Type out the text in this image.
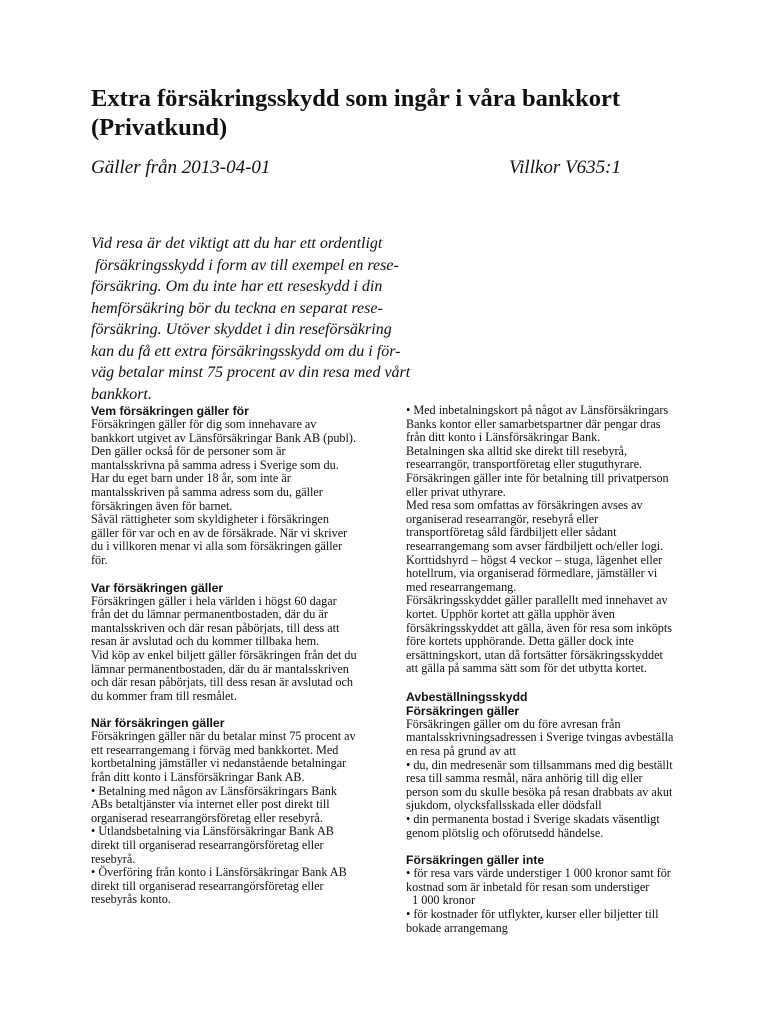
Extra försäkringsskydd som ingår i våra bankkort
(Privatkund)
Gäller från 2013-04-01	Villkor V635:1

Vid resa är det viktigt att du har ett ordentligt
försäkringsskydd i form av till exempel en rese-
försäkring. Om du inte har ett reseskydd i din
hemförsäkring bör du teckna en separat rese-
försäkring. Utöver skyddet i din reseförsäkring
kan du få ett extra försäkringsskydd om du i för-
väg betalar minst 75 procent av din resa med vårt
bankkort.

Vem försäkringen gäller för
Försäkringen gäller för dig som innehavare av
bankkort utgivet av Länsförsäkringar Bank AB (publ).
Den gäller också för de personer som är
mantalsskrivna på samma adress i Sverige som du.
Har du eget barn under 18 år, som inte är
mantalsskriven på samma adress som du, gäller
försäkringen även för barnet.
Såväl rättigheter som skyldigheter i försäkringen
gäller för var och en av de försäkrade. När vi skriver
du i villkoren menar vi alla som försäkringen gäller
för.
Var försäkringen gäller
Försäkringen gäller i hela världen i högst 60 dagar
från det du lämnar permanentbostaden, där du är
mantalsskriven och där resan påbörjats, till dess att
resan är avslutad och du kommer tillbaka hem.
Vid köp av enkel biljett gäller försäkringen från det du
lämnar permanentbostaden, där du är mantalsskriven
och där resan påbörjats, till dess resan är avslutad och
du kommer fram till resmålet.
När försäkringen gäller
Försäkringen gäller när du betalar minst 75 procent av
ett researrangemang i förväg med bankkortet. Med
kortbetalning jämställer vi nedanstående betalningar
från ditt konto i Länsförsäkringar Bank AB.
• Betalning med någon av Länsförsäkringars Bank
ABs betaltjänster via internet eller post direkt till
organiserad researrangörsföretag eller resebyrå.
• Utlandsbetalning via Länsförsäkringar Bank AB
direkt till organiserad researrangörsföretag eller
resebyrå.
• Överföring från konto i Länsförsäkringar Bank AB
direkt till organiserad researrangörsföretag eller
resebyrås konto.
• Med inbetalningskort på något av Länsförsäkringars
Banks kontor eller samarbetspartner där pengar dras
från ditt konto i Länsförsäkringar Bank.
Betalningen ska alltid ske direkt till resebyrå,
researrangör, transportföretag eller stuguthyrare.
Försäkringen gäller inte för betalning till privatperson
eller privat uthyrare.
Med resa som omfattas av försäkringen avses av
organiserad researrangör, resebyrå eller
transportföretag såld färdbiljett eller sådant
researrangemang som avser färdbiljett och/eller logi.
Korttidshyrd – högst 4 veckor – stuga, lägenhet eller
hotellrum, via organiserad förmedlare, jämställer vi
med researrangemang.
Försäkringsskyddet gäller parallellt med innehavet av
kortet. Upphör kortet att gälla upphör även
försäkringsskyddet att gälla, även för resa som inköpts
före kortets upphörande. Detta gäller dock inte
ersättningskort, utan då fortsätter försäkringsskyddet
att gälla på samma sätt som för det utbytta kortet.
Avbeställningsskydd
Försäkringen gäller
Försäkringen gäller om du före avresan från
mantalsskrivningsadressen i Sverige tvingas avbeställa
en resa på grund av att
• du, din medresenär som tillsammans med dig beställt
resa till samma resmål, nära anhörig till dig eller
person som du skulle besöka på resan drabbats av akut
sjukdom, olycksfallsskada eller dödsfall
• din permanenta bostad i Sverige skadats väsentligt
genom plötslig och oförutsedd händelse.
Försäkringen gäller inte
• för resa vars värde understiger 1 000 kronor samt för
kostnad som är inbetald för resan som understiger
1 000 kronor
• för kostnader för utflykter, kurser eller biljetter till
bokade arrangemang
